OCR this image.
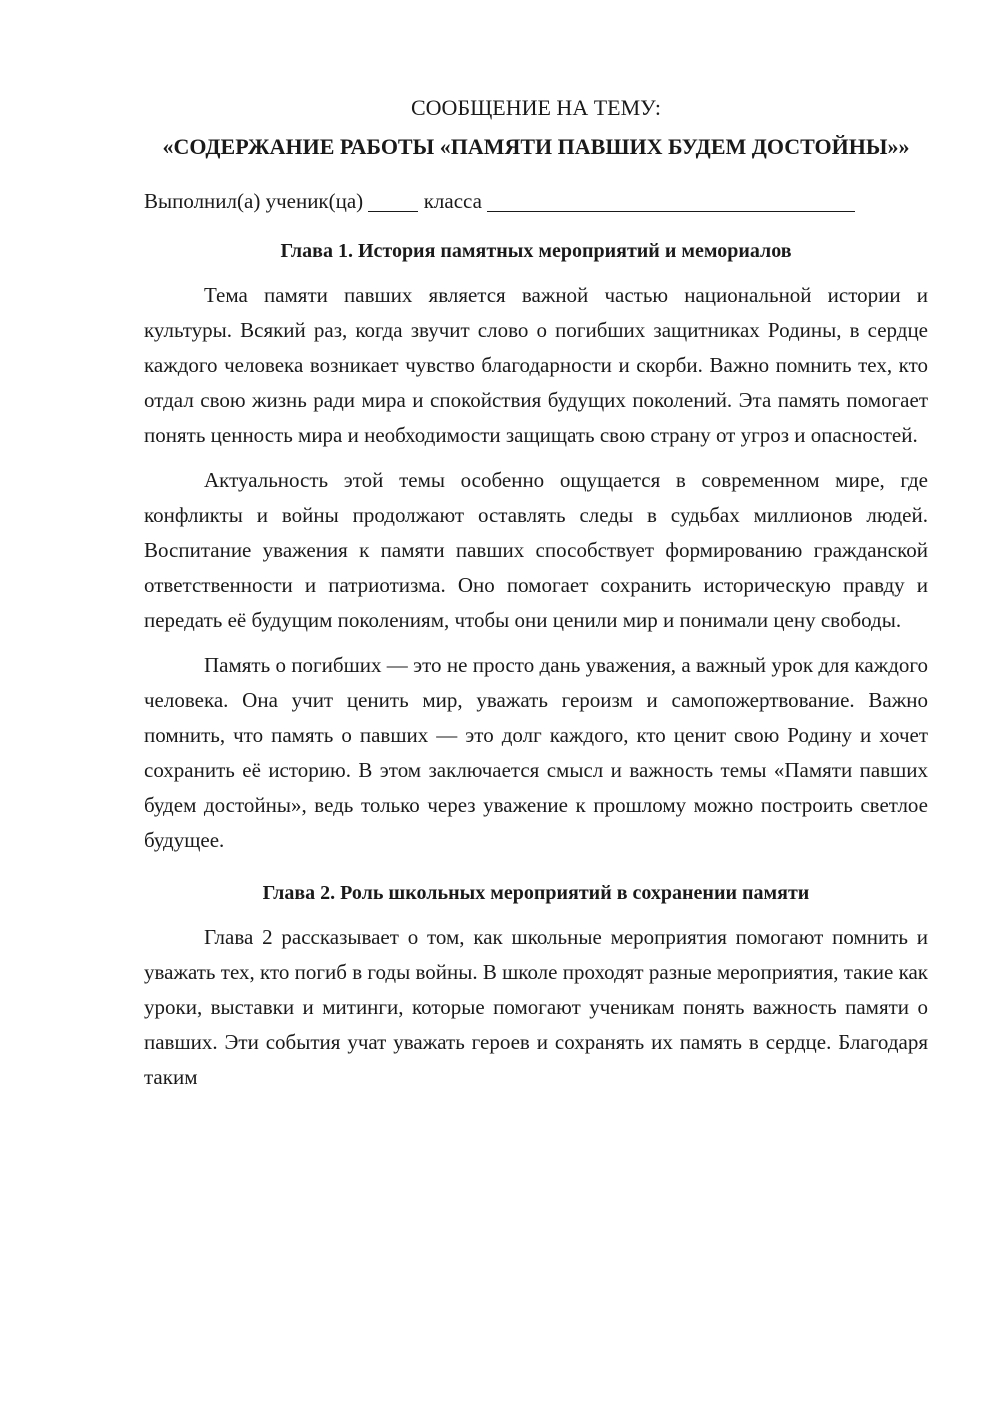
СООБЩЕНИЕ НА ТЕМУ:

«СОДЕРЖАНИЕ РАБОТЫ «ПАМЯТИ ПАВШИХ БУДЕМ ДОСТОЙНЫ»»

Выполнил(а) ученик(ца)	класса

Глава 1. История памятных мероприятий и мемориалов

Тема памяти павших является важной частью национальной истории и культуры. Всякий раз, когда звучит слово о погибших защитниках Родины, в сердце каждого человека возникает чувство благодарности и скорби. Важно помнить тех, кто отдал свою жизнь ради мира и спокойствия будущих поколений. Эта память помогает понять ценность мира и необходимости защищать свою страну от угроз и опасностей.

Актуальность этой темы особенно ощущается в современном мире, где конфликты и войны продолжают оставлять следы в судьбах миллионов людей. Воспитание уважения к памяти павших способствует формированию гражданской ответственности и патриотизма. Оно помогает сохранить историческую правду и передать её будущим поколениям, чтобы они ценили мир и понимали цену свободы.

Память о погибших — это не просто дань уважения, а важный урок для каждого человека. Она учит ценить мир, уважать героизм и самопожертвование. Важно помнить, что память о павших — это долг каждого, кто ценит свою Родину и хочет сохранить её историю. В этом заключается смысл и важность темы «Памяти павших будем достойны», ведь только через уважение к прошлому можно построить светлое будущее.

Глава 2. Роль школьных мероприятий в сохранении памяти

Глава 2 рассказывает о том, как школьные мероприятия помогают помнить и уважать тех, кто погиб в годы войны. В школе проходят разные мероприятия, такие как уроки, выставки и митинги, которые помогают ученикам понять важность памяти о павших. Эти события учат уважать героев и сохранять их память в сердце. Благодаря таким
